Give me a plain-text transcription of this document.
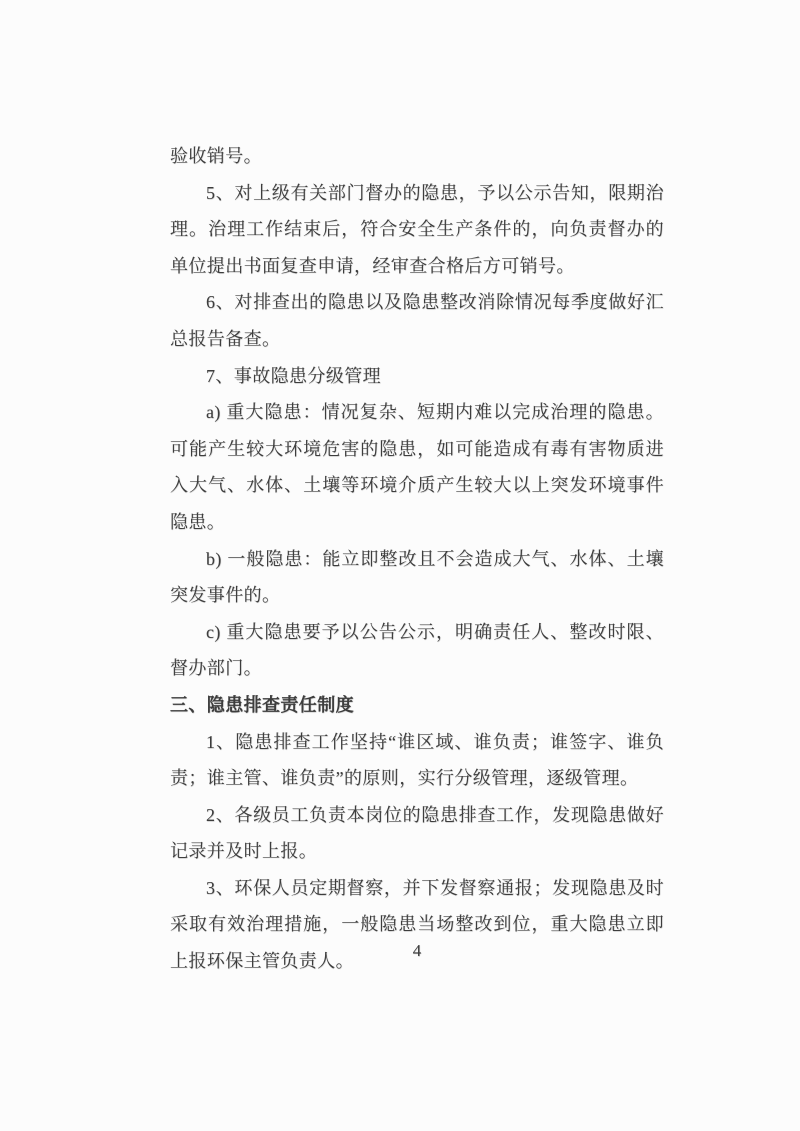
验收销号。

5、对上级有关部门督办的隐患，予以公示告知，限期治理。治理工作结束后，符合安全生产条件的，向负责督办的单位提出书面复查申请，经审查合格后方可销号。

6、对排查出的隐患以及隐患整改消除情况每季度做好汇总报告备查。

7、事故隐患分级管理

a) 重大隐患：情况复杂、短期内难以完成治理的隐患。可能产生较大环境危害的隐患，如可能造成有毒有害物质进入大气、水体、土壤等环境介质产生较大以上突发环境事件隐患。

b) 一般隐患：能立即整改且不会造成大气、水体、土壤突发事件的。

c) 重大隐患要予以公告公示，明确责任人、整改时限、督办部门。

三、隐患排查责任制度

1、隐患排查工作坚持“谁区域、谁负责；谁签字、谁负责；谁主管、谁负责”的原则，实行分级管理，逐级管理。

2、各级员工负责本岗位的隐患排查工作，发现隐患做好记录并及时上报。

3、环保人员定期督察，并下发督察通报；发现隐患及时采取有效治理措施，一般隐患当场整改到位，重大隐患立即上报环保主管负责人。

4
